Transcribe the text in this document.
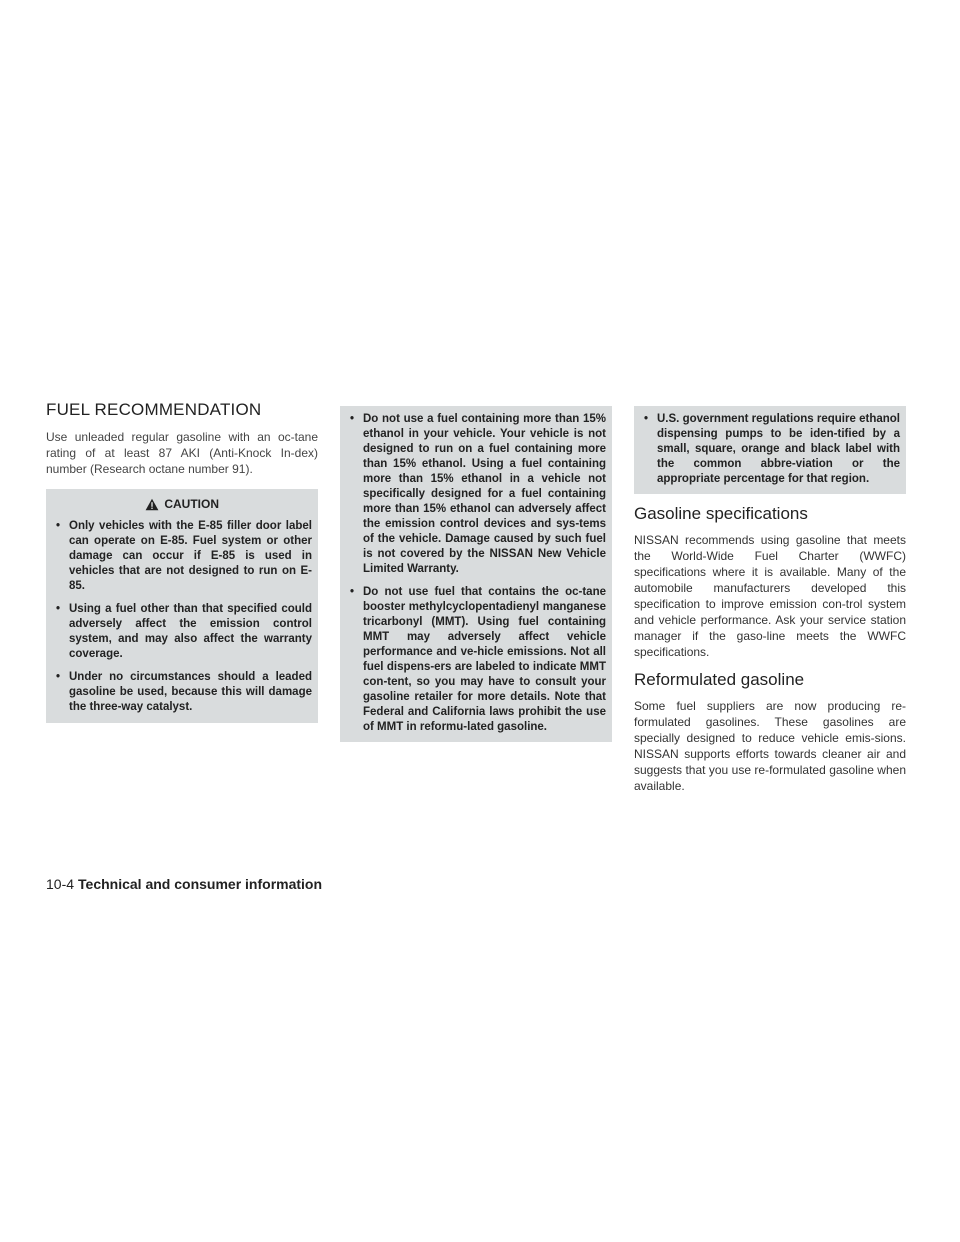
FUEL RECOMMENDATION

Use unleaded regular gasoline with an oc-tane rating of at least 87 AKI (Anti-Knock In-dex) number (Research octane number 91).

CAUTION
• Only vehicles with the E-85 filler door label can operate on E-85. Fuel system or other damage can occur if E-85 is used in vehicles that are not designed to run on E-85.
• Using a fuel other than that specified could adversely affect the emission control system, and may also affect the warranty coverage.
• Under no circumstances should a leaded gasoline be used, because this will damage the three-way catalyst.
• Do not use a fuel containing more than 15% ethanol in your vehicle. Your vehicle is not designed to run on a fuel containing more than 15% ethanol. Using a fuel containing more than 15% ethanol in a vehicle not specifically designed for a fuel containing more than 15% ethanol can adversely affect the emission control devices and sys-tems of the vehicle. Damage caused by such fuel is not covered by the NISSAN New Vehicle Limited Warranty.
• Do not use fuel that contains the oc-tane booster methylcyclopentadienyl manganese tricarbonyl (MMT). Using fuel containing MMT may adversely affect vehicle performance and ve-hicle emissions. Not all fuel dispens-ers are labeled to indicate MMT con-tent, so you may have to consult your gasoline retailer for more details. Note that Federal and California laws prohibit the use of MMT in reformu-lated gasoline.
• U.S. government regulations require ethanol dispensing pumps to be iden-tified by a small, square, orange and black label with the common abbre-viation or the appropriate percentage for that region.
Gasoline specifications

NISSAN recommends using gasoline that meets the World-Wide Fuel Charter (WWFC) specifications where it is available. Many of the automobile manufacturers developed this specification to improve emission con-trol system and vehicle performance. Ask your service station manager if the gaso-line meets the WWFC specifications.

Reformulated gasoline

Some fuel suppliers are now producing re-formulated gasolines. These gasolines are specially designed to reduce vehicle emis-sions. NISSAN supports efforts towards cleaner air and suggests that you use re-formulated gasoline when available.

10-4 Technical and consumer information
